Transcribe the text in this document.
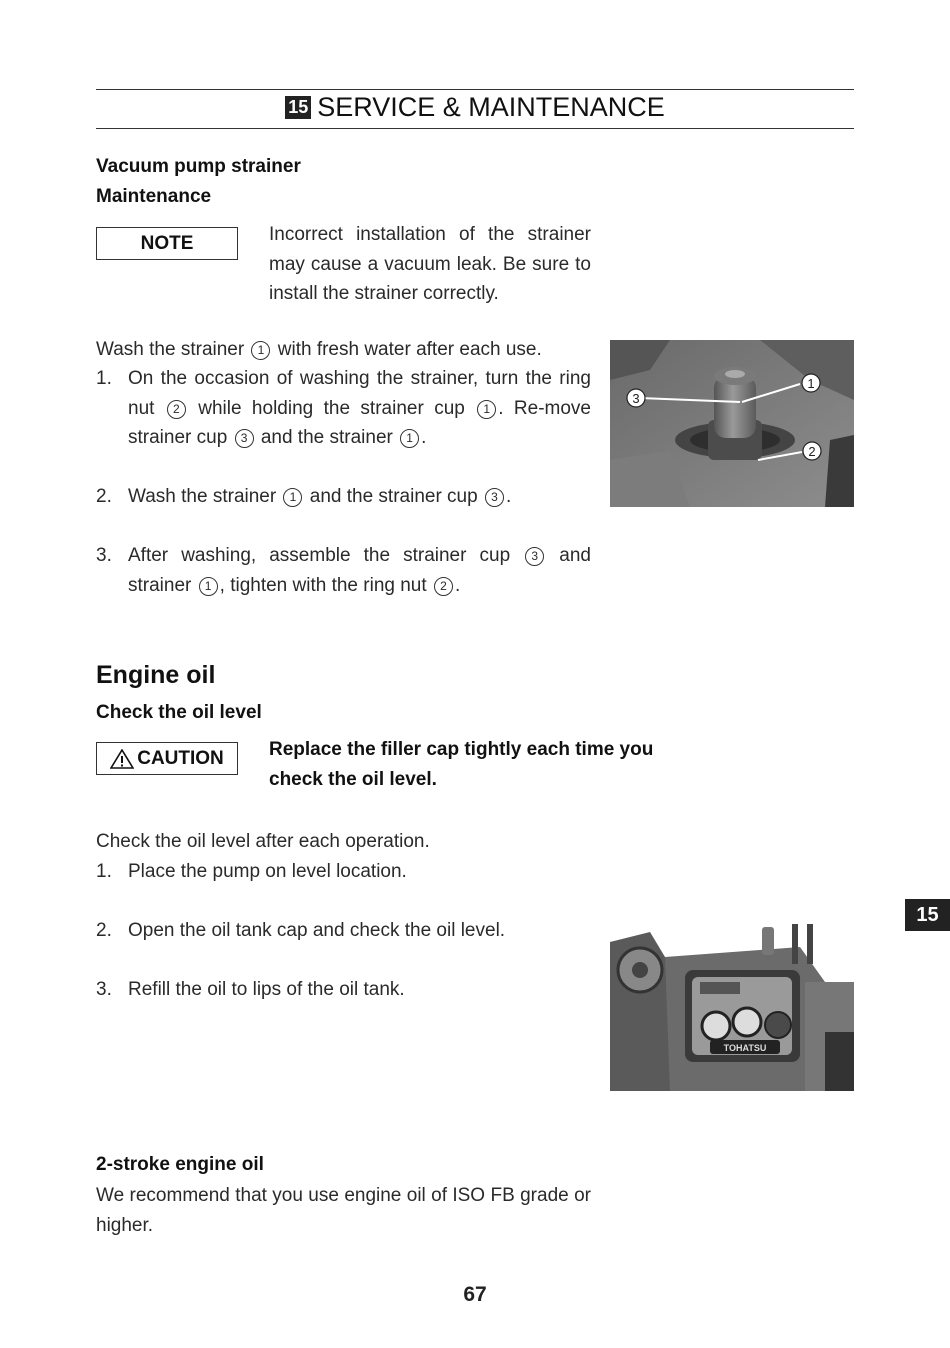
15 SERVICE & MAINTENANCE
Vacuum pump strainer
Maintenance
NOTE	Incorrect installation of the strainer may cause a vacuum leak. Be sure to install the strainer correctly.
Wash the strainer 1 with fresh water after each use.
1. On the occasion of washing the strainer, turn the ring nut 2 while holding the strainer cup 1 . Re-move strainer cup 3 and the strainer 1 .
2. Wash the strainer 1 and the strainer cup 3 .
3. After washing, assemble the strainer cup 3 and strainer 1 , tighten with the ring nut 2 .
3
1
2
Engine oil
Check the oil level
CAUTION Replace the filler cap tightly each time you check the oil level.
Check the oil level after each operation.
1. Place the pump on level location.
2. Open the oil tank cap and check the oil level.
3. Refill the oil to lips of the oil tank.
TOHATSU
2-stroke engine oil
We recommend that you use engine oil of ISO FB grade or higher.
15
67
